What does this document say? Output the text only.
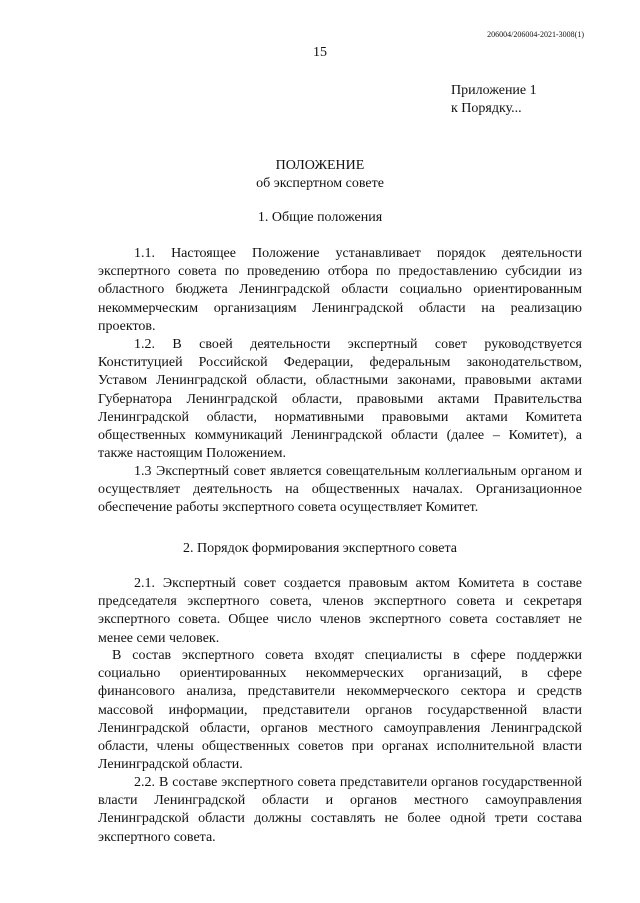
206004/206004-2021-3008(1)
15
Приложение 1
к Порядку...
ПОЛОЖЕНИЕ
об экспертном совете
1. Общие положения

1.1. Настоящее Положение устанавливает порядок деятельности экспертного совета по проведению отбора по предоставлению субсидии из областного бюджета Ленинградской области социально ориентированным некоммерческим организациям Ленинградской области на реализацию проектов.

1.2. В своей деятельности экспертный совет руководствуется Конституцией Российской Федерации, федеральным законодательством, Уставом Ленинградской области, областными законами, правовыми актами Губернатора Ленинградской области, правовыми актами Правительства Ленинградской области, нормативными правовыми актами Комитета общественных коммуникаций Ленинградской области (далее – Комитет), а также настоящим Положением.

1.3 Экспертный совет является совещательным коллегиальным органом и осуществляет деятельность на общественных началах. Организационное обеспечение работы экспертного совета осуществляет Комитет.

2. Порядок формирования экспертного совета

2.1. Экспертный совет создается правовым актом Комитета в составе председателя экспертного совета, членов экспертного совета и секретаря экспертного совета. Общее число членов экспертного совета составляет не менее семи человек.

В состав экспертного совета входят специалисты в сфере поддержки социально ориентированных некоммерческих организаций, в сфере финансового анализа, представители некоммерческого сектора и средств массовой информации, представители органов государственной власти Ленинградской области, органов местного самоуправления Ленинградской области, члены общественных советов при органах исполнительной власти Ленинградской области.

2.2. В составе экспертного совета представители органов государственной власти Ленинградской области и органов местного самоуправления Ленинградской области должны составлять не более одной трети состава экспертного совета.
